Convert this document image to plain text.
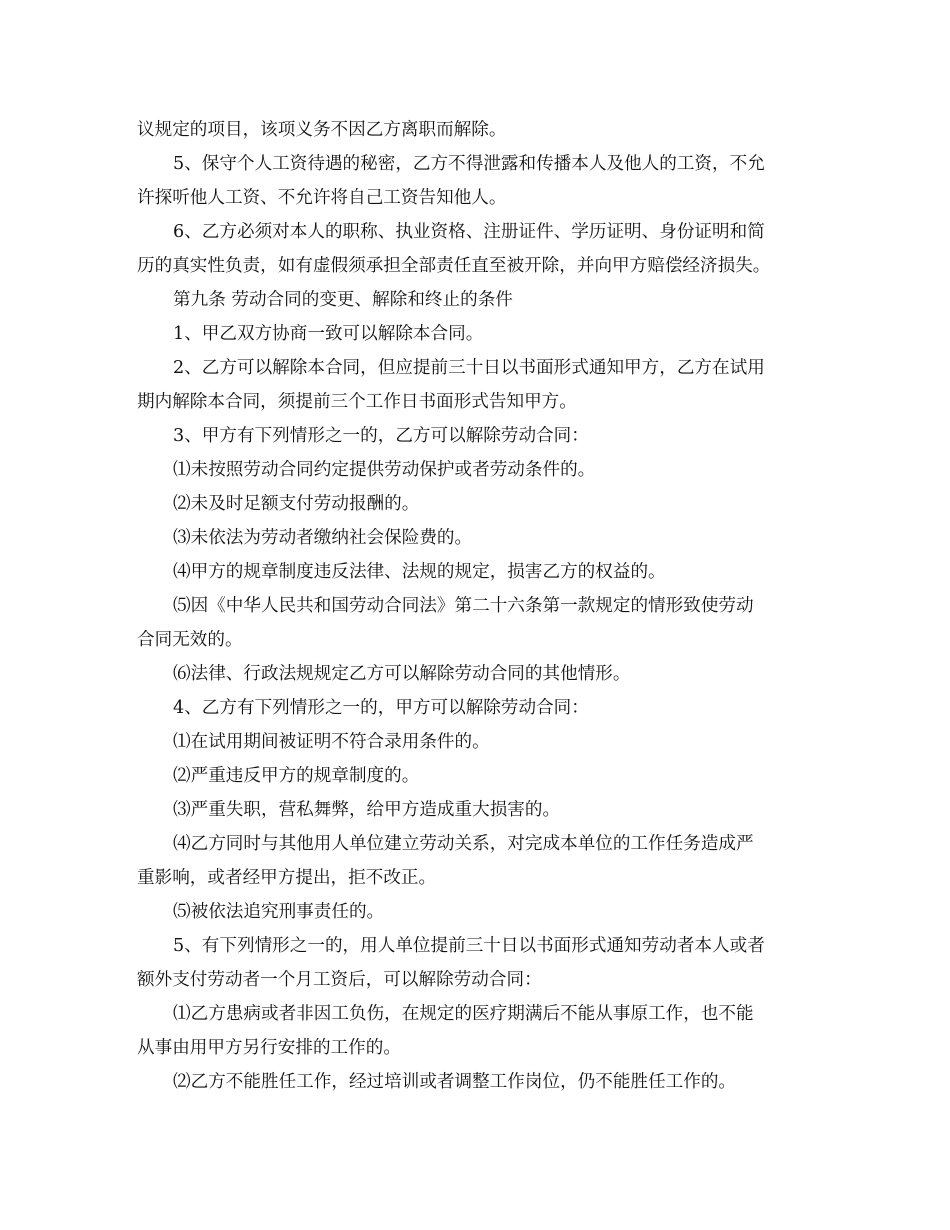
议规定的项目，该项义务不因乙方离职而解除。

5、保守个人工资待遇的秘密，乙方不得泄露和传播本人及他人的工资，不允

许探听他人工资、不允许将自己工资告知他人。

6、乙方必须对本人的职称、执业资格、注册证件、学历证明、身份证明和简

历的真实性负责，如有虚假须承担全部责任直至被开除，并向甲方赔偿经济损失。

第九条 劳动合同的变更、解除和终止的条件

1、甲乙双方协商一致可以解除本合同。

2、乙方可以解除本合同，但应提前三十日以书面形式通知甲方，乙方在试用

期内解除本合同，须提前三个工作日书面形式告知甲方。

3、甲方有下列情形之一的，乙方可以解除劳动合同：

⑴未按照劳动合同约定提供劳动保护或者劳动条件的。

⑵未及时足额支付劳动报酬的。

⑶未依法为劳动者缴纳社会保险费的。

⑷甲方的规章制度违反法律、法规的规定，损害乙方的权益的。

⑸因《中华人民共和国劳动合同法》第二十六条第一款规定的情形致使劳动

合同无效的。

⑹法律、行政法规规定乙方可以解除劳动合同的其他情形。

4、乙方有下列情形之一的，甲方可以解除劳动合同：

⑴在试用期间被证明不符合录用条件的。

⑵严重违反甲方的规章制度的。

⑶严重失职，营私舞弊，给甲方造成重大损害的。

⑷乙方同时与其他用人单位建立劳动关系，对完成本单位的工作任务造成严

重影响，或者经甲方提出，拒不改正。

⑸被依法追究刑事责任的。

5、有下列情形之一的，用人单位提前三十日以书面形式通知劳动者本人或者

额外支付劳动者一个月工资后，可以解除劳动合同：

⑴乙方患病或者非因工负伤，在规定的医疗期满后不能从事原工作，也不能

从事由用甲方另行安排的工作的。

⑵乙方不能胜任工作，经过培训或者调整工作岗位，仍不能胜任工作的。
